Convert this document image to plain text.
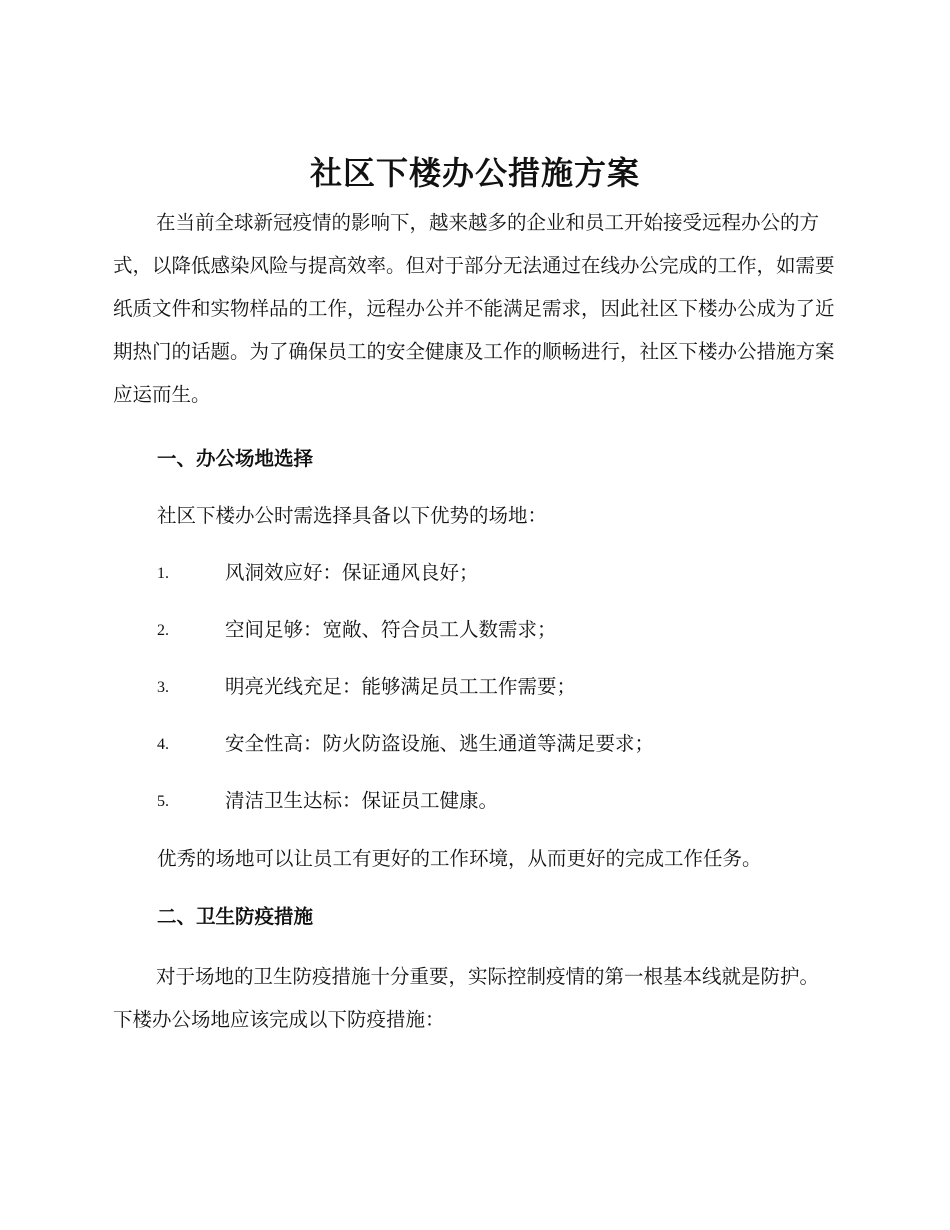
社区下楼办公措施方案

在当前全球新冠疫情的影响下，越来越多的企业和员工开始接受远程办公的方式，以降低感染风险与提高效率。但对于部分无法通过在线办公完成的工作，如需要纸质文件和实物样品的工作，远程办公并不能满足需求，因此社区下楼办公成为了近期热门的话题。为了确保员工的安全健康及工作的顺畅进行，社区下楼办公措施方案应运而生。

一、办公场地选择

社区下楼办公时需选择具备以下优势的场地：

1.	风洞效应好：保证通风良好；
2.	空间足够：宽敞、符合员工人数需求；
3.	明亮光线充足：能够满足员工工作需要；
4.	安全性高：防火防盗设施、逃生通道等满足要求；
5.	清洁卫生达标：保证员工健康。

优秀的场地可以让员工有更好的工作环境，从而更好的完成工作任务。

二、卫生防疫措施

对于场地的卫生防疫措施十分重要，实际控制疫情的第一根基本线就是防护。下楼办公场地应该完成以下防疫措施：
